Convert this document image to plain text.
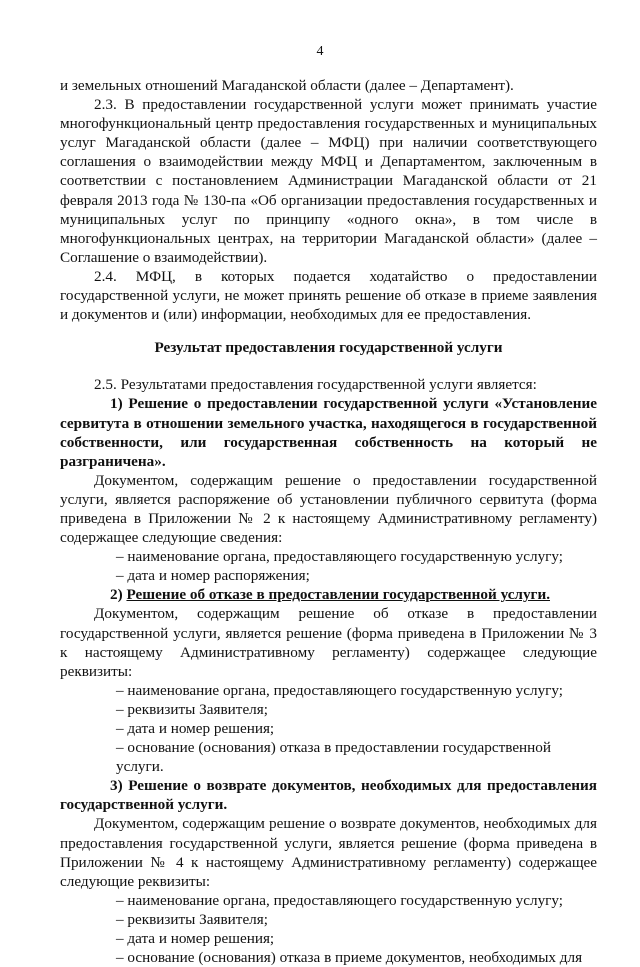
4

и земельных отношений Магаданской области (далее – Департамент).

2.3. В предоставлении государственной услуги может принимать участие многофункциональный центр предоставления государственных и муниципальных услуг Магаданской области (далее – МФЦ) при наличии соответствующего соглашения о взаимодействии между МФЦ и Департаментом, заключенным в соответствии с постановлением Администрации Магаданской области от 21 февраля 2013 года № 130-па «Об организации предоставления государственных и муниципальных услуг по принципу «одного окна», в том числе в многофункциональных центрах, на территории Магаданской области» (далее – Соглашение о взаимодействии).

2.4. МФЦ, в которых подается ходатайство о предоставлении государственной услуги, не может принять решение об отказе в приеме заявления и документов и (или) информации, необходимых для ее предоставления.

Результат предоставления государственной услуги

2.5. Результатами предоставления государственной услуги является:

1) Решение о предоставлении государственной услуги «Установление сервитута в отношении земельного участка, находящегося в государственной собственности, или государственная собственность на который не разграничена».

Документом, содержащим решение о предоставлении государственной услуги, является распоряжение об установлении публичного сервитута (форма приведена в Приложении № 2 к настоящему Административному регламенту) содержащее следующие сведения:

– наименование органа, предоставляющего государственную услугу;

– дата и номер распоряжения;

2) Решение об отказе в предоставлении государственной услуги.

Документом, содержащим решение об отказе в предоставлении государственной услуги, является решение (форма приведена в Приложении № 3 к настоящему Административному регламенту) содержащее следующие реквизиты:

– наименование органа, предоставляющего государственную услугу;

– реквизиты Заявителя;

– дата и номер решения;

– основание (основания) отказа в предоставлении государственной услуги.

3) Решение о возврате документов, необходимых для предоставления государственной услуги.

Документом, содержащим решение о возврате документов, необходимых для предоставления государственной услуги, является решение (форма приведена в Приложении № 4 к настоящему Административному регламенту) содержащее следующие реквизиты:

– наименование органа, предоставляющего государственную услугу;

– реквизиты Заявителя;

– дата и номер решения;

– основание (основания) отказа в приеме документов, необходимых для
